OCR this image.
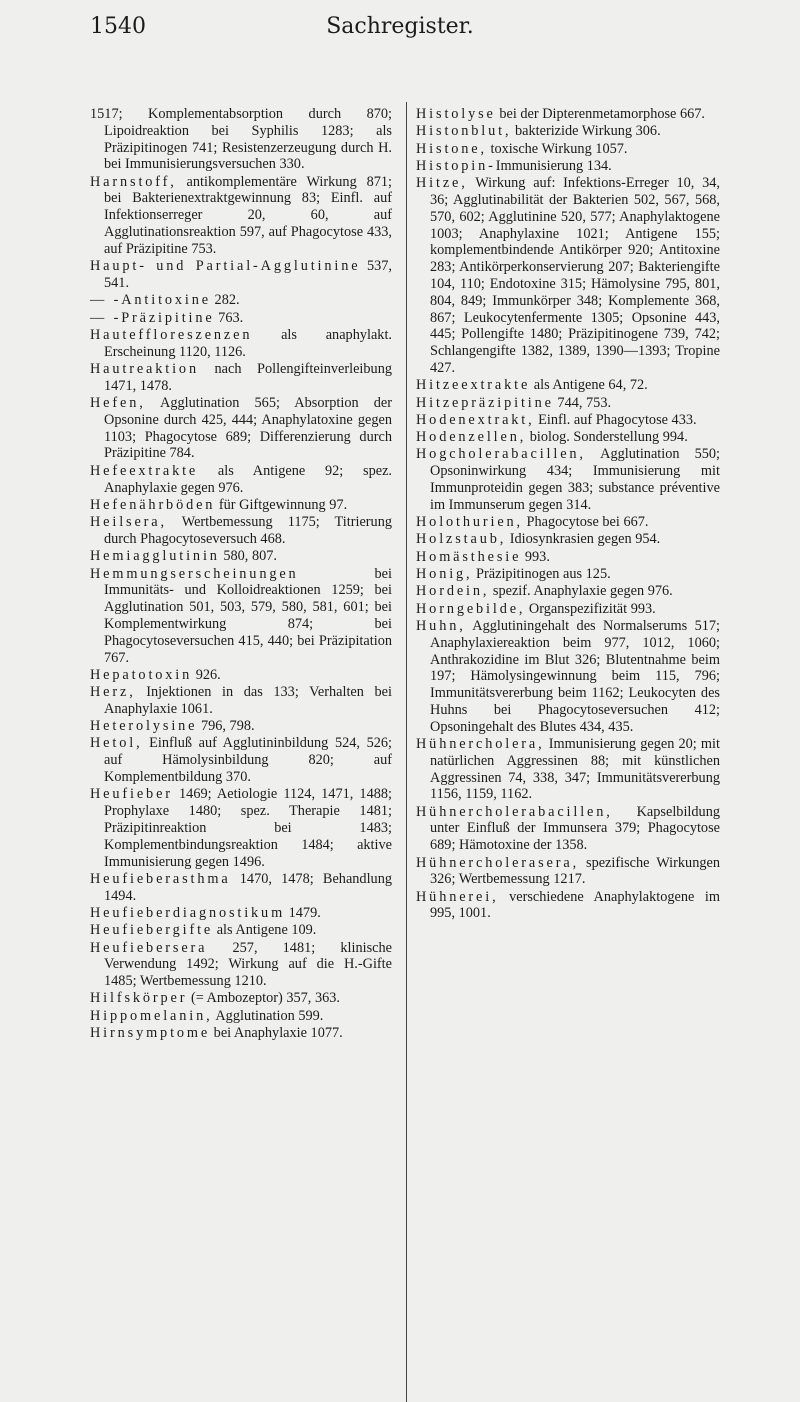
1540	Sachregister.

1517; Komplementabsorption durch 870; Lipoidreaktion bei Syphilis 1283; als Präzipitinogen 741; Resistenzerzeugung durch H. bei Immunisierungsversuchen 330.

Harnstoff, antikomplementäre Wirkung 871; bei Bakterienextraktgewinnung 83; Einfl. auf Infektionserreger 20, 60, auf Agglutinationsreaktion 597, auf Phagocytose 433, auf Präzipitine 753.

Haupt- und Partial-Agglutinine 537, 541.

— -Antitoxine 282.

— -Präzipitine 763.

Hauteffloreszenzen als anaphylakt. Erscheinung 1120, 1126.

Hautreaktion nach Pollengifteinverleibung 1471, 1478.

Hefen, Agglutination 565; Absorption der Opsonine durch 425, 444; Anaphylatoxine gegen 1103; Phagocytose 689; Differenzierung durch Präzipitine 784.

Hefeextrakte als Antigene 92; spez. Anaphylaxie gegen 976.

Hefenährböden für Giftgewinnung 97.

Heilsera, Wertbemessung 1175; Titrierung durch Phagocytoseversuch 468.

Hemiagglutinin 580, 807.

Hemmungserscheinungen bei Immunitäts- und Kolloidreaktionen 1259; bei Agglutination 501, 503, 579, 580, 581, 601; bei Komplementwirkung 874; bei Phagocytoseversuchen 415, 440; bei Präzipitation 767.

Hepatotoxin 926.

Herz, Injektionen in das 133; Verhalten bei Anaphylaxie 1061.

Heterolysine 796, 798.

Hetol, Einfluß auf Agglutininbildung 524, 526; auf Hämolysinbildung 820; auf Komplementbildung 370.

Heufieber 1469; Aetiologie 1124, 1471, 1488; Prophylaxe 1480; spez. Therapie 1481; Präzipitinreaktion bei 1483; Komplementbindungsreaktion 1484; aktive Immunisierung gegen 1496.

Heufieberasthma 1470, 1478; Behandlung 1494.

Heufieberdiagnostikum 1479.

Heufiebergifte als Antigene 109.

Heufiebersera 257, 1481; klinische Verwendung 1492; Wirkung auf die H.-Gifte 1485; Wertbemessung 1210.

Hilfskörper (= Ambozeptor) 357, 363.

Hippomelanin, Agglutination 599.

Hirnsymptome bei Anaphylaxie 1077.

Histolyse bei der Dipterenmetamorphose 667.

Histonblut, bakterizide Wirkung 306.

Histone, toxische Wirkung 1057.

Histopin-Immunisierung 134.

Hitze, Wirkung auf: Infektions-Erreger 10, 34, 36; Agglutinabilität der Bakterien 502, 567, 568, 570, 602; Agglutinine 520, 577; Anaphylaktogene 1003; Anaphylaxine 1021; Antigene 155; komplementbindende Antikörper 920; Antitoxine 283; Antikörperkonservierung 207; Bakteriengifte 104, 110; Endotoxine 315; Hämolysine 795, 801, 804, 849; Immunkörper 348; Komplemente 368, 867; Leukocytenfermente 1305; Opsonine 443, 445; Pollengifte 1480; Präzipitinogene 739, 742; Schlangengifte 1382, 1389, 1390—1393; Tropine 427.

Hitzeextrakte als Antigene 64, 72.

Hitzepräzipitine 744, 753.

Hodenextrakt, Einfl. auf Phagocytose 433.

Hodenzellen, biolog. Sonderstellung 994.

Hogcholerabacillen, Agglutination 550; Opsoninwirkung 434; Immunisierung mit Immunproteidin gegen 383; substance préventive im Immunserum gegen 314.

Holothurien, Phagocytose bei 667.

Holzstaub, Idiosynkrasien gegen 954.

Homästhesie 993.

Honig, Präzipitinogen aus 125.

Hordein, spezif. Anaphylaxie gegen 976.

Horngebilde, Organspezifizität 993.

Huhn, Agglutiningehalt des Normalserums 517; Anaphylaxiereaktion beim 977, 1012, 1060; Anthrakozidine im Blut 326; Blutentnahme beim 197; Hämolysingewinnung beim 115, 796; Immunitätsvererbung beim 1162; Leukocyten des Huhns bei Phagocytoseversuchen 412; Opsoningehalt des Blutes 434, 435.

Hühnercholera, Immunisierung gegen 20; mit natürlichen Aggressinen 88; mit künstlichen Aggressinen 74, 338, 347; Immunitätsvererbung 1156, 1159, 1162.

Hühnercholerabacillen, Kapselbildung unter Einfluß der Immunsera 379; Phagocytose 689; Hämotoxine der 1358.

Hühnercholerasera, spezifische Wirkungen 326; Wertbemessung 1217.

Hühnerei, verschiedene Anaphylaktogene im 995, 1001.
